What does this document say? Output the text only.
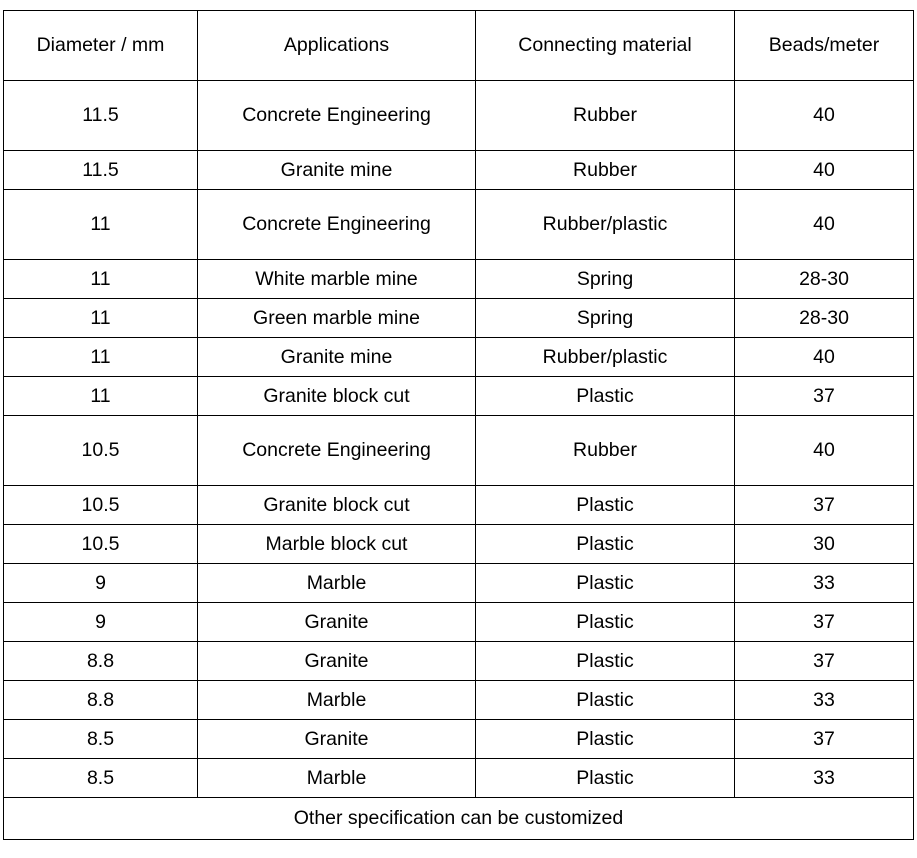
Diameter / mm	Applications	Connecting material	Beads/meter
11.5	Concrete Engineering	Rubber	40
11.5	Granite mine	Rubber	40
11	Concrete Engineering	Rubber/plastic	40
11	White marble mine	Spring	28-30
11	Green marble mine	Spring	28-30
11	Granite mine	Rubber/plastic	40
11	Granite block cut	Plastic	37
10.5	Concrete Engineering	Rubber	40
10.5	Granite block cut	Plastic	37
10.5	Marble block cut	Plastic	30
9	Marble	Plastic	33
9	Granite	Plastic	37
8.8	Granite	Plastic	37
8.8	Marble	Plastic	33
8.5	Granite	Plastic	37
8.5	Marble	Plastic	33
Other specification can be customized			
